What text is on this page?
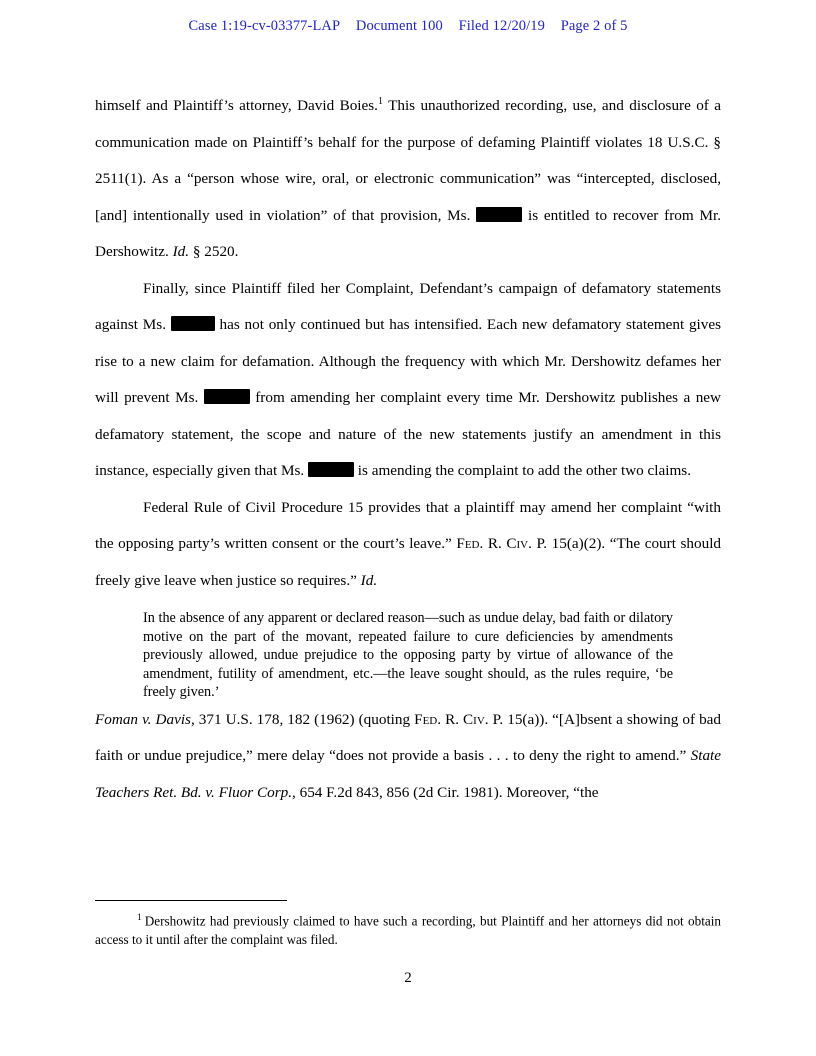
Case 1:19-cv-03377-LAP Document 100 Filed 12/20/19 Page 2 of 5

himself and Plaintiff’s attorney, David Boies.$^1$ This unauthorized recording, use, and disclosure of a communication made on Plaintiff’s behalf for the purpose of defaming Plaintiff violates 18 U.S.C. § 2511(1). As a “person whose wire, oral, or electronic communication” was “intercepted, disclosed, [and] intentionally used in violation” of that provision, Ms.	is entitled to recover from Mr. Dershowitz. Id. § 2520.

Finally, since Plaintiff filed her Complaint, Defendant’s campaign of defamatory statements against Ms.	has not only continued but has intensified. Each new defamatory statement gives rise to a new claim for defamation. Although the frequency with which Mr. Dershowitz defames her will prevent Ms.	from amending her complaint every time Mr. Dershowitz publishes a new defamatory statement, the scope and nature of the new statements justify an amendment in this instance, especially given that Ms.	is amending the complaint to add the other two claims.

Federal Rule of Civil Procedure 15 provides that a plaintiff may amend her complaint “with the opposing party’s written consent or the court’s leave.” Fed. R. Civ. P. 15(a)(2). “The court should freely give leave when justice so requires.” Id.

In the absence of any apparent or declared reason—such as undue delay, bad faith or dilatory motive on the part of the movant, repeated failure to cure deficiencies by amendments previously allowed, undue prejudice to the opposing party by virtue of allowance of the amendment, futility of amendment, etc.—the leave sought should, as the rules require, ‘be freely given.’

Foman v. Davis, 371 U.S. 178, 182 (1962) (quoting Fed. R. Civ. P. 15(a)). “[A]bsent a showing of bad faith or undue prejudice,” mere delay “does not provide a basis . . . to deny the right to amend.” State Teachers Ret. Bd. v. Fluor Corp., 654 F.2d 843, 856 (2d Cir. 1981). Moreover, “the

$^1$ Dershowitz had previously claimed to have such a recording, but Plaintiff and her attorneys did not obtain access to it until after the complaint was filed.
2
